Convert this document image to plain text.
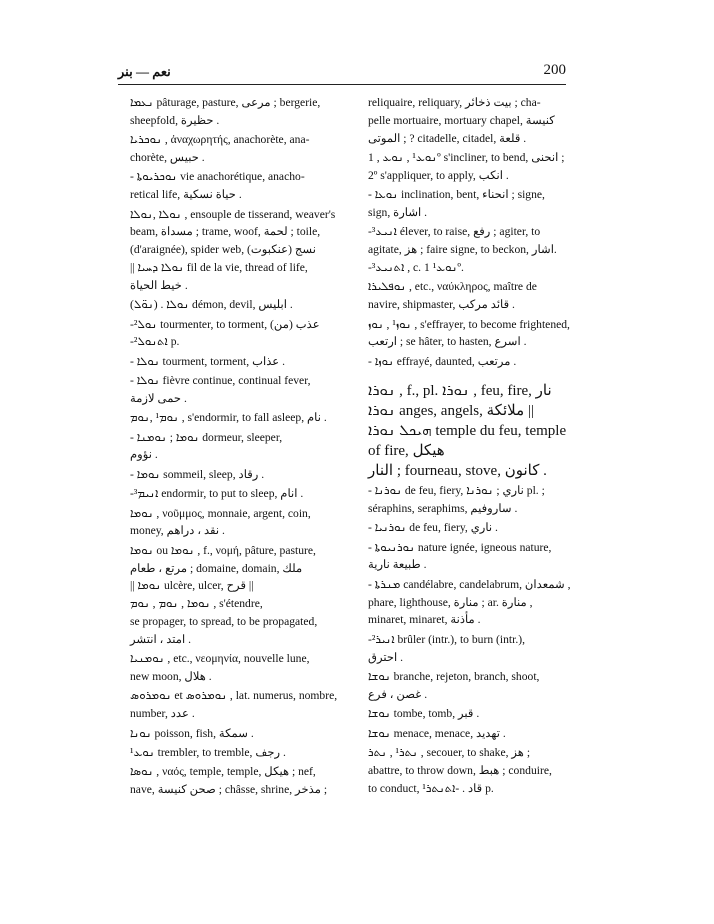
نعم — بنر	200
ܢܥܡܐ pâturage, pasture, مرعى ; bergerie,
sheepfold, حظيرة .
ܢܘܟܪܝܐ , ἀναχωρητής, anachorète, ana-
chorète, حبيس .
- ܢܘܟܪܝܘܬܐ vie anachorétique, anacho-
retical life, حياة نسكية .
ܢܘܠܐ ,ܢܘܠܐ , ensouple de tisserand, weaver's
beam, مسداة ; trame, woof, لحمة ; toile,
(d'araignée), spider web, (عنكبوت) نسج
|| ܢܘܠܐ ܕܚܝܐ fil de la vie, thread of life,
خيط الحياة .
(ܢܘ̈ܠ) . ܢܘܠܐ démon, devil, ابليس .
-ܢܘܠ² tourmenter, to torment, (من) عذب
-ܐܬܢܘܠ² p.
- ܢܘܠܐ tourment, torment, عذاب .
- ܢܘܠܐ fièvre continue, continual fever,
حمى لازمة .
ܢܘܡ¹ ,ܢܘܡ , s'endormir, to fall asleep, نام .
- ܢܘܡܐ ; ܢܘܡܢܐ dormeur, sleeper,
نؤوم .
- ܢܘܡܐ sommeil, sleep, رقاد .
-ܐܢܝܡ³ endormir, to put to sleep, انام .
ܢܘܡܐ , νοῦμμος, monnaie, argent, coin,
money, نقد ، دراهم .
ܢܘܡܐ ou ܢܘܡܐ , f., νομή, pâture, pasture,
مرتع ، طعام ; domaine, domain, ملك
|| ܢܘܡܐ ulcère, ulcer, قرح ||
ܢܘܡܐ , ܢܘܡ , ܢܘܡ , s'étendre,
se propager, to spread, to be propagated,
امتد ، انتشر .
ܢܘܡܢܝܐ , etc., νεομηνία, nouvelle lune,
new moon, هلال .
ܢܘܡܪܘܣ et ܢܘܡܪܘܣ , lat. numerus, nombre,
number, عدد .
ܢܘܢܐ poisson, fish, سمكة .
ܢܘܥ¹ trembler, to tremble, رجف .
ܢܘܣܐ , ναός, temple, temple, هيكل ; nef,
nave, صحن كنيسة ; châsse, shrine, مذخر ;
reliquaire, reliquary, بيت ذخائر ; cha-
pelle mortuaire, mortuary chapel, كنيسة
الموتى ; ? citadelle, citadel, قلعة .
ܢܘܥ¹ , ܢܘܥ , 1º s'incliner, to bend, انحنى ;
2º s'appliquer, to apply, انكب .
- ܢܘܥܐ inclination, bent, انحناء ; signe,
sign, اشارة .
-ܐܢܝܥ³ élever, to raise, رفع ; agiter, to
agitate, هز ; faire signe, to beckon, اشار.
-ܐܬܢܝܥ³ , c. ܢܘܥ¹ 1º.
ܢܘܦܠܝܪܐ , etc., ναύκληρος, maître de
navire, shipmaster, قائد مركب .
ܢܘܙ¹ , ܢܘܙ , s'effrayer, to become frightened,
ارتعب ; se hâter, to hasten, اسرع .
- ܢܘܙܐ effrayé, daunted, مرتعب .
ܢܘܪܐ , f., pl. ܢܘܪܐ , feu, fire, نار
ܢܘܪܐ anges, angels, ملائكة ||
ܗܝܟܠ ܢܘܪܐ temple du feu, temple of fire, هيكل
النار ; fourneau, stove, كانون .
- ܢܘܪܢܐ de feu, fiery, ناري ; ܢܘܪܢܐ pl. ;
séraphins, seraphims, ساروفيم .
- ܢܘܪܢܝܐ de feu, fiery, ناري .
- ܢܘܪܢܝܘܬܐ nature ignée, igneous nature,
طبيعة نارية .
- ܡܢܪܬܐ candélabre, candelabrum, شمعدان ,
phare, lighthouse, منارة ; ar. منارة ,
minaret, minaret, مأذنة .
-ܐܢܝܪ² brûler (intr.), to burn (intr.),
احترق .
ܢܘܫܐ branche, rejeton, branch, shoot,
غصن ، فرع .
ܢܘܫܐ tombe, tomb, قبر .
ܢܘܫܐ menace, menace, تهديد .
ܢܬܪ¹ , ܢܬܪ , secouer, to shake, هز ;
abattre, to throw down, هبط ; conduire,
to conduct, قاد . -ܐܬܢܬܪ¹ p.
